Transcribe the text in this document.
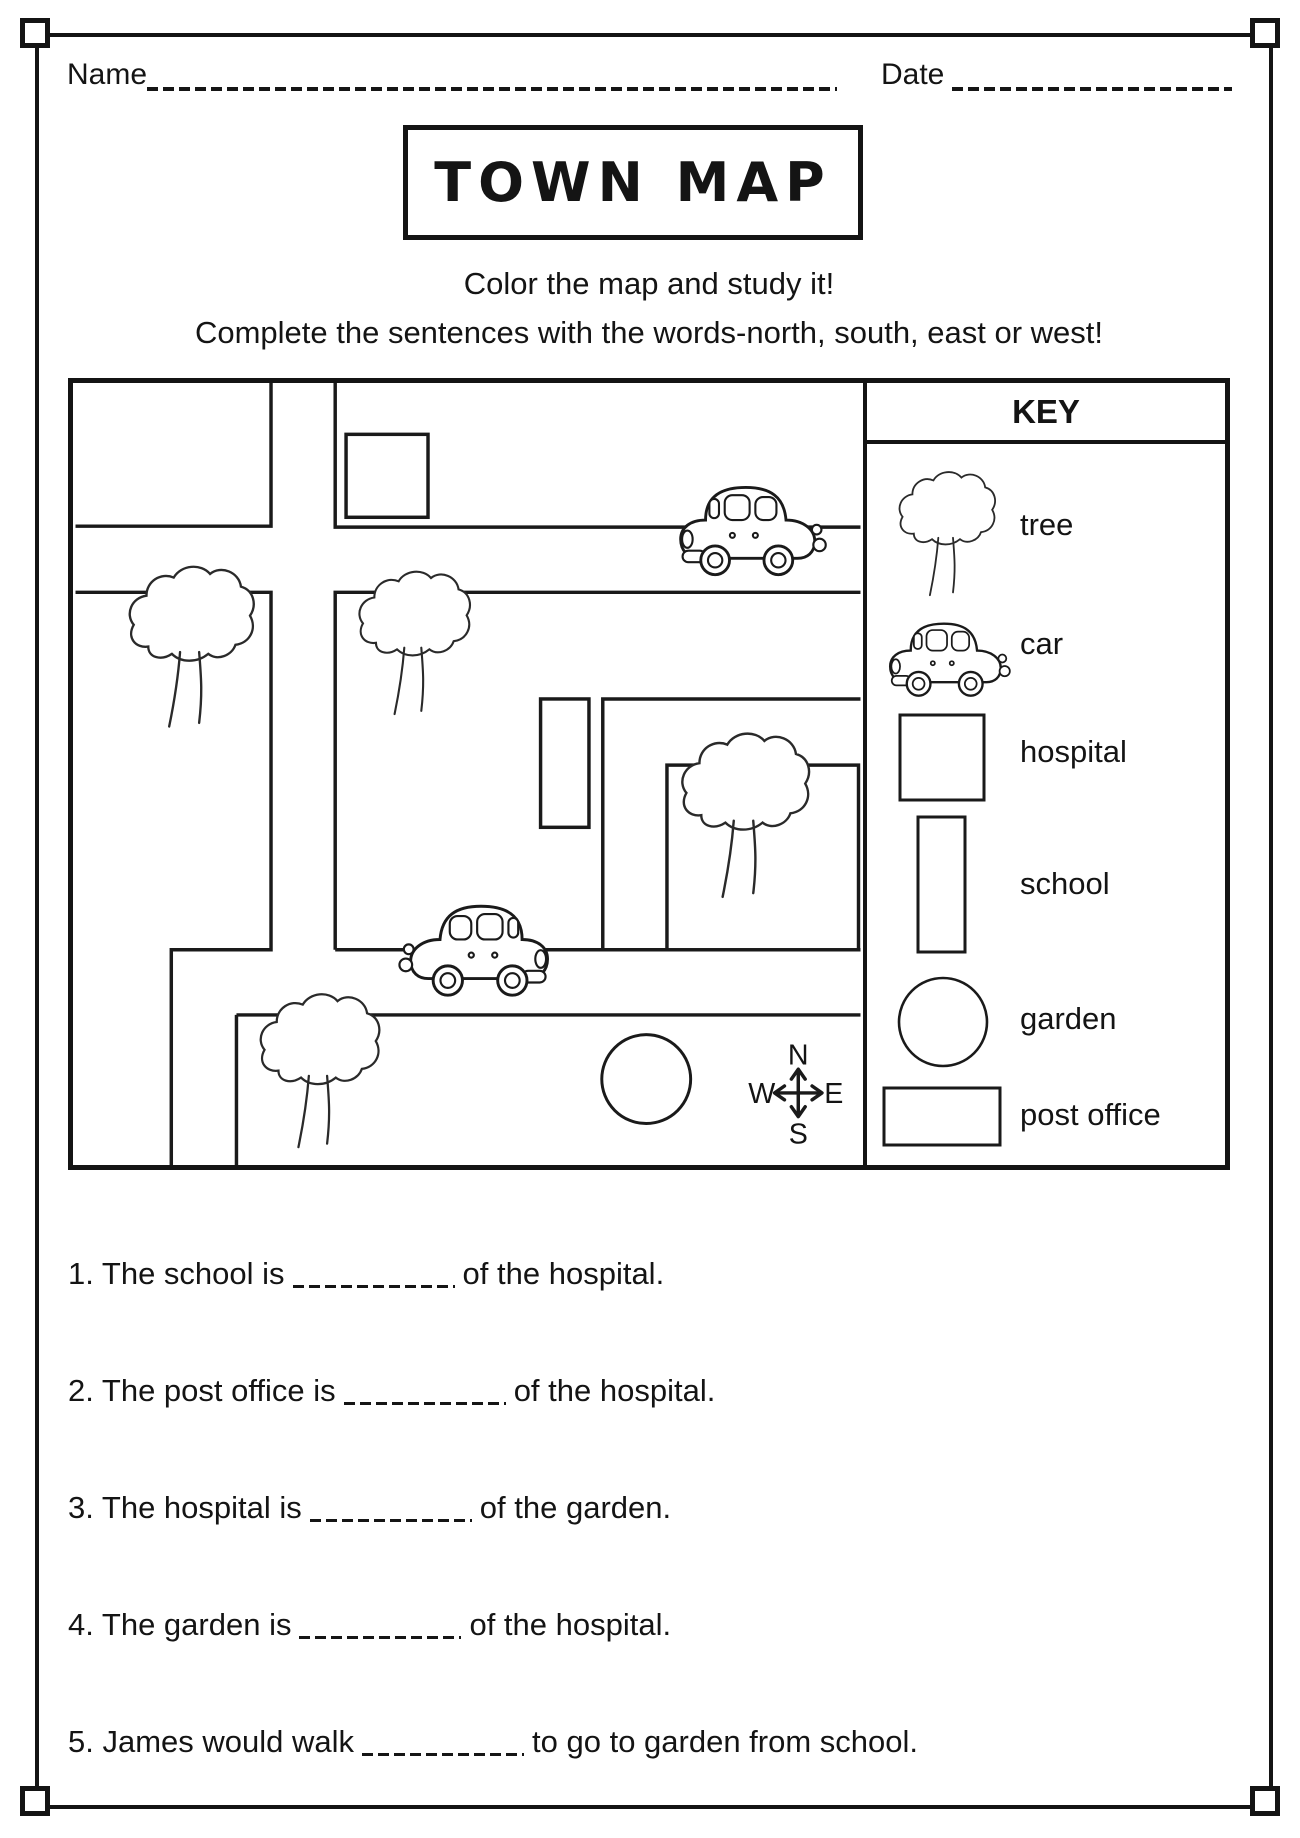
Name	Date
TOWN MAP
Color the map and study it!
Complete the sentences with the words-north, south, east or west!
N
S
W E
KEY
tree
car
hospital
school
garden
post office
1. The school is	of the hospital.
2. The post office is	of the hospital.
3. The hospital is	of the garden.
4. The garden is	of the hospital.
5. James would walk	to go to garden from school.
